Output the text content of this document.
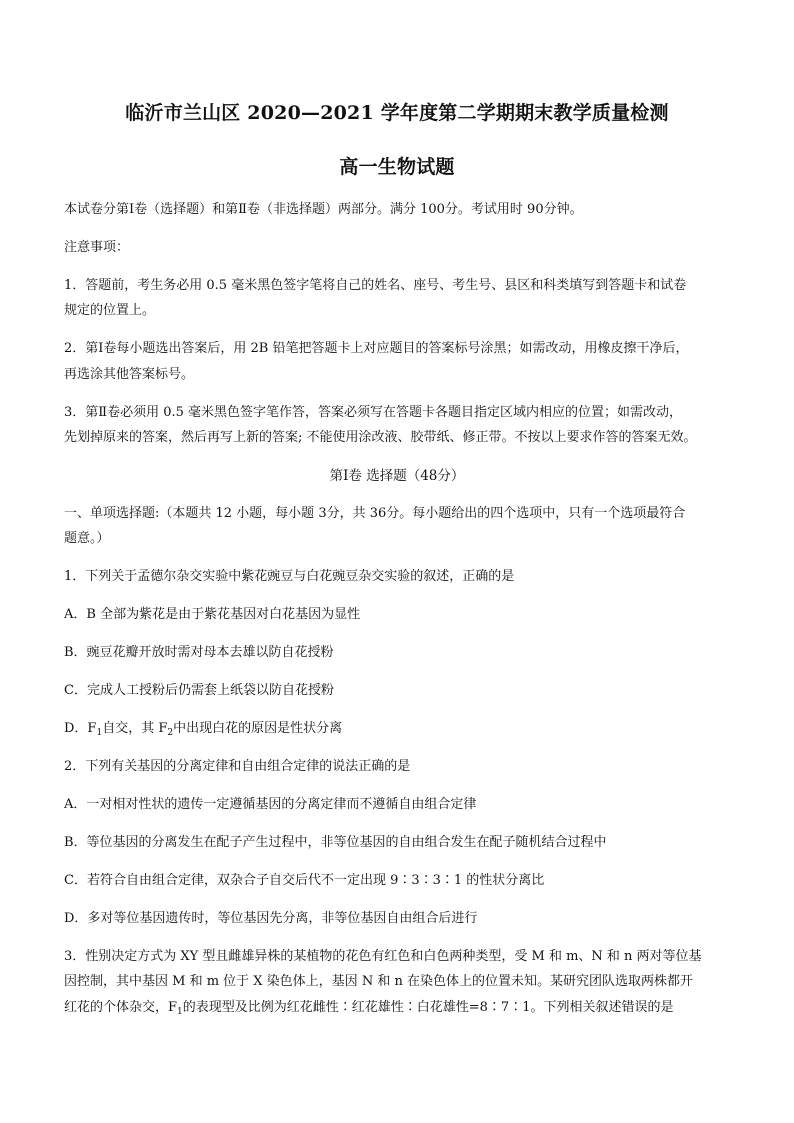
临沂市兰山区 2020—2021 学年度第二学期期末教学质量检测
高一生物试题
本试卷分第Ⅰ卷（选择题）和第Ⅱ卷（非选择题）两部分。满分 100分。考试用时 90分钟。
注意事项：
1．答题前，考生务必用 0.5 毫米黑色签字笔将自己的姓名、座号、考生号、县区和科类填写到答题卡和试卷
规定的位置上。
2．第Ⅰ卷每小题选出答案后，用 2B 铅笔把答题卡上对应题目的答案标号涂黑；如需改动，用橡皮擦干净后，
再选涂其他答案标号。
3．第Ⅱ卷必须用 0.5 毫米黑色签字笔作答，答案必须写在答题卡各题目指定区域内相应的位置；如需改动，
先划掉原来的答案，然后再写上新的答案; 不能使用涂改液、胶带纸、修正带。不按以上要求作答的答案无效。
第Ⅰ卷 选择题（48分）
一、单项选择题:（本题共 12 小题，每小题 3分，共 36分。每小题给出的四个选项中，只有一个选项最符合
题意。）
1．下列关于孟德尔杂交实验中紫花豌豆与白花豌豆杂交实验的叙述，正确的是
A．B 全部为紫花是由于紫花基因对白花基因为显性
B．豌豆花瓣开放时需对母本去雄以防自花授粉
C．完成人工授粉后仍需套上纸袋以防自花授粉
D．$F_1$自交，其 $F_2$中出现白花的原因是性状分离
2．下列有关基因的分离定律和自由组合定律的说法正确的是
A．一对相对性状的遗传一定遵循基因的分离定律而不遵循自由组合定律
B．等位基因的分离发生在配子产生过程中，非等位基因的自由组合发生在配子随机结合过程中
C．若符合自由组合定律，双杂合子自交后代不一定出现 9∶3∶3∶1 的性状分离比
D．多对等位基因遗传时，等位基因先分离，非等位基因自由组合后进行
3．性别决定方式为 XY 型且雌雄异株的某植物的花色有红色和白色两种类型，受 M 和 m、N 和 n 两对等位基
因控制，其中基因 M 和 m 位于 X 染色体上，基因 N 和 n 在染色体上的位置未知。某研究团队选取两株都开
红花的个体杂交，$F_1$的表现型及比例为红花雌性∶红花雄性∶白花雄性=8∶7∶1。下列相关叙述错误的是
